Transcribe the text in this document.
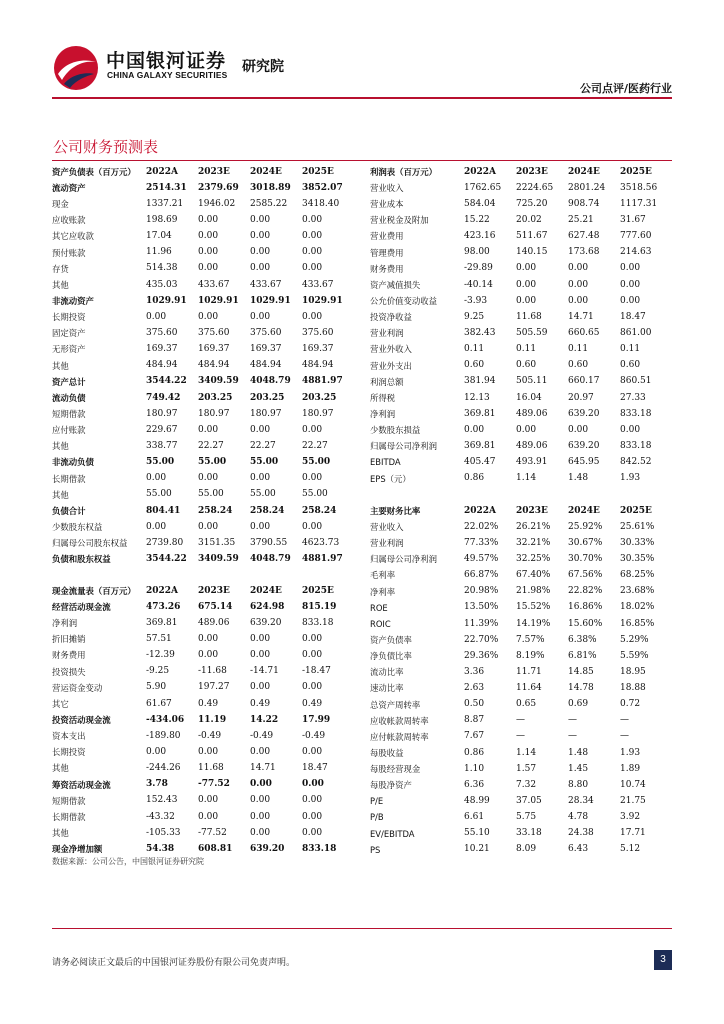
中国银河证券
CHINA GALAXY SECURITIES 研究院
公司点评/医药行业
公司财务预测表
资产负债表（百万元）	2022A	2023E	2024E	2025E
流动资产	2514.31	2379.69	3018.89	3852.07
现金	1337.21	1946.02	2585.22	3418.40
应收账款	198.69	0.00	0.00	0.00
其它应收款	17.04	0.00	0.00	0.00
预付账款	11.96	0.00	0.00	0.00
存货	514.38	0.00	0.00	0.00
其他	435.03	433.67	433.67	433.67
非流动资产	1029.91	1029.91	1029.91	1029.91
长期投资	0.00	0.00	0.00	0.00
固定资产	375.60	375.60	375.60	375.60
无形资产	169.37	169.37	169.37	169.37
其他	484.94	484.94	484.94	484.94
资产总计	3544.22	3409.59	4048.79	4881.97
流动负债	749.42	203.25	203.25	203.25
短期借款	180.97	180.97	180.97	180.97
应付账款	229.67	0.00	0.00	0.00
其他	338.77	22.27	22.27	22.27
非流动负债	55.00	55.00	55.00	55.00
长期借款	0.00	0.00	0.00	0.00
其他	55.00	55.00	55.00	55.00
负债合计	804.41	258.24	258.24	258.24
少数股东权益	0.00	0.00	0.00	0.00
归属母公司股东权益	2739.80	3151.35	3790.55	4623.73
负债和股东权益	3544.22	3409.59	4048.79	4881.97
利润表（百万元）	2022A	2023E	2024E	2025E
营业收入	1762.65	2224.65	2801.24	3518.56
营业成本	584.04	725.20	908.74	1117.31
营业税金及附加	15.22	20.02	25.21	31.67
营业费用	423.16	511.67	627.48	777.60
管理费用	98.00	140.15	173.68	214.63
财务费用	-29.89	0.00	0.00	0.00
资产减值损失	-40.14	0.00	0.00	0.00
公允价值变动收益	-3.93	0.00	0.00	0.00
投资净收益	9.25	11.68	14.71	18.47
营业利润	382.43	505.59	660.65	861.00
营业外收入	0.11	0.11	0.11	0.11
营业外支出	0.60	0.60	0.60	0.60
利润总额	381.94	505.11	660.17	860.51
所得税	12.13	16.04	20.97	27.33
净利润	369.81	489.06	639.20	833.18
少数股东损益	0.00	0.00	0.00	0.00
归属母公司净利润	369.81	489.06	639.20	833.18
EBITDA	405.47	493.91	645.95	842.52
EPS（元）	0.86	1.14	1.48	1.93

主要财务比率	2022A	2023E	2024E	2025E
营业收入	22.02%	26.21%	25.92%	25.61%
营业利润	77.33%	32.21%	30.67%	30.33%
归属母公司净利润	49.57%	32.25%	30.70%	30.35%
毛利率	66.87%	67.40%	67.56%	68.25%
净利率	20.98%	21.98%	22.82%	23.68%
ROE	13.50%	15.52%	16.86%	18.02%
ROIC	11.39%	14.19%	15.60%	16.85%
资产负债率	22.70%	7.57%	6.38%	5.29%
净负债比率	29.36%	8.19%	6.81%	5.59%
流动比率	3.36	11.71	14.85	18.95
速动比率	2.63	11.64	14.78	18.88
总资产周转率	0.50	0.65	0.69	0.72
应收帐款周转率	8.87	—	—	—
应付帐款周转率	7.67	—	—	—
每股收益	0.86	1.14	1.48	1.93
每股经营现金	1.10	1.57	1.45	1.89
每股净资产	6.36	7.32	8.80	10.74
P/E	48.99	37.05	28.34	21.75
P/B	6.61	5.75	4.78	3.92
EV/EBITDA	55.10	33.18	24.38	17.71
PS	10.21	8.09	6.43	5.12
现金流量表（百万元）	2022A	2023E	2024E	2025E
经营活动现金流	473.26	675.14	624.98	815.19
净利润	369.81	489.06	639.20	833.18
折旧摊销	57.51	0.00	0.00	0.00
财务费用	-12.39	0.00	0.00	0.00
投资损失	-9.25	-11.68	-14.71	-18.47
营运资金变动	5.90	197.27	0.00	0.00
其它	61.67	0.49	0.49	0.49
投资活动现金流	-434.06	11.19	14.22	17.99
资本支出	-189.80	-0.49	-0.49	-0.49
长期投资	0.00	0.00	0.00	0.00
其他	-244.26	11.68	14.71	18.47
筹资活动现金流	3.78	-77.52	0.00	0.00
短期借款	152.43	0.00	0.00	0.00
长期借款	-43.32	0.00	0.00	0.00
其他	-105.33	-77.52	0.00	0.00
现金净增加额	54.38	608.81	639.20	833.18
数据来源：公司公告，中国银河证券研究院
请务必阅读正文最后的中国银河证券股份有限公司免责声明。	3
